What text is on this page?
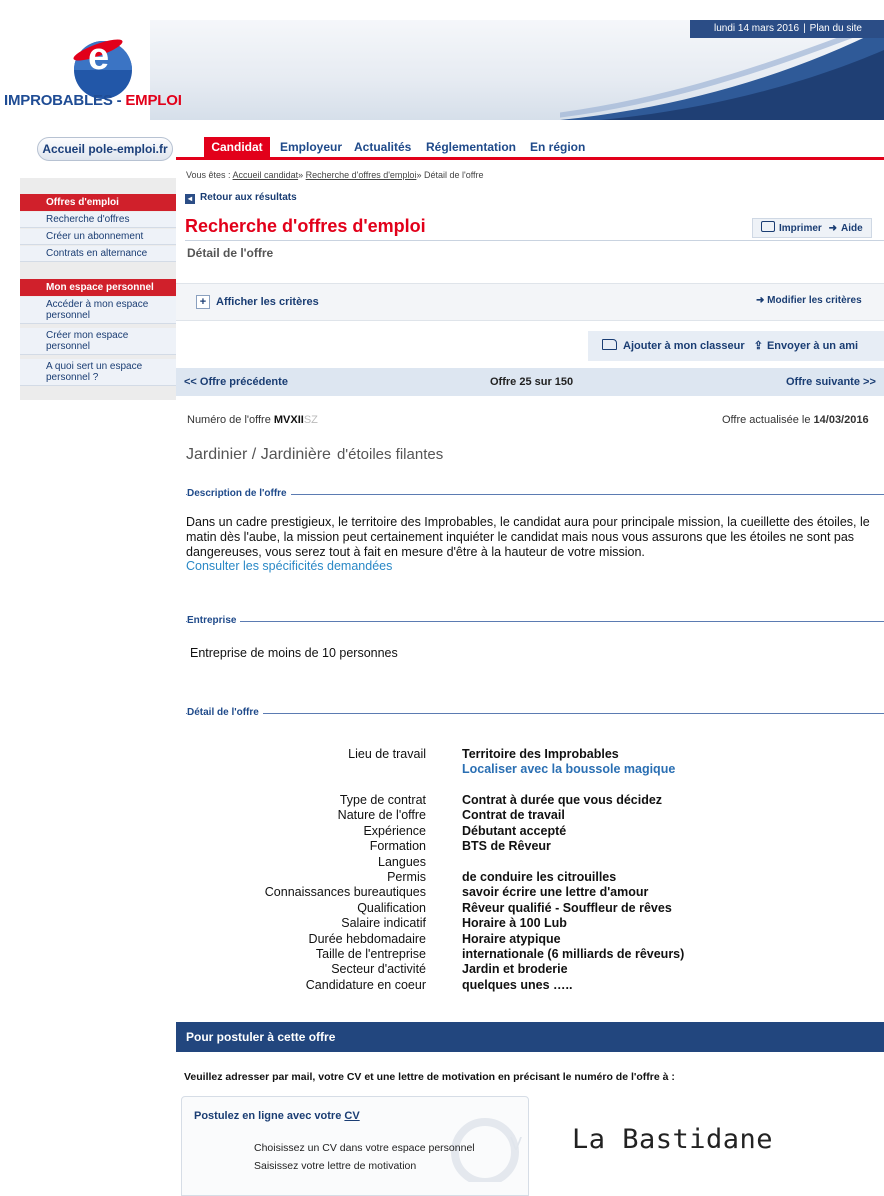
lundi 14 mars 2016 | Plan du site
e
IMPROBABLES - EMPLOI
Accueil pole-emploi.fr	Candidat	Employeur Actualités Réglementation En région
Offres d'emploi
Recherche d'offres
Créer un abonnement
Contrats en alternance
Mon espace personnel
Accéder à mon espace personnel
Créer mon espace personnel
A quoi sert un espace personnel ?
Vous êtes : Accueil candidat» Recherche d'offres d'emploi» Détail de l'offre
◂ Retour aux résultats
Recherche d'offres d'emploi	Imprimer ➜ Aide
Détail de l'offre
+ Afficher les critères	➜ Modifier les critères
Ajouter à mon classeur ⇪ Envoyer à un ami
<< Offre précédente	Offre 25 sur 150	Offre suivante >>
Numéro de l'offre MVXIISZ	Offre actualisée le 14/03/2016
Jardinier / Jardinière d'étoiles filantes
Description de l'offre
Dans un cadre prestigieux, le territoire des Improbables, le candidat aura pour principale mission, la cueillette des étoiles, le matin dès l'aube, la mission peut certainement inquiéter le candidat mais nous vous assurons que les étoiles ne sont pas dangereuses, vous serez tout à fait en mesure d'être à la hauteur de votre mission.
Consulter les spécificités demandées
Entreprise
Entreprise de moins de 10 personnes
Détail de l'offre
Lieu de travail	Territoire des Improbables
Localiser avec la boussole magique
Type de contrat	Contrat à durée que vous décidez
Nature de l'offre	Contrat de travail
Expérience	Débutant accepté
Formation	BTS de Rêveur
Langues
Permis	de conduire les citrouilles
Connaissances bureautiques	savoir écrire une lettre d'amour
Qualification	Rêveur qualifié - Souffleur de rêves
Salaire indicatif	Horaire à 100 Lub
Durée hebdomadaire	Horaire atypique
Taille de l'entreprise	internationale (6 milliards de rêveurs)
Secteur d'activité	Jardin et broderie
Candidature en coeur	quelques unes …..
Pour postuler à cette offre
Veuillez adresser par mail, votre CV et une lettre de motivation en précisant le numéro de l'offre à :
V
Postulez en ligne avec votre CV
Choisissez un CV dans votre espace personnel
Saisissez votre lettre de motivation
La Bastidane
